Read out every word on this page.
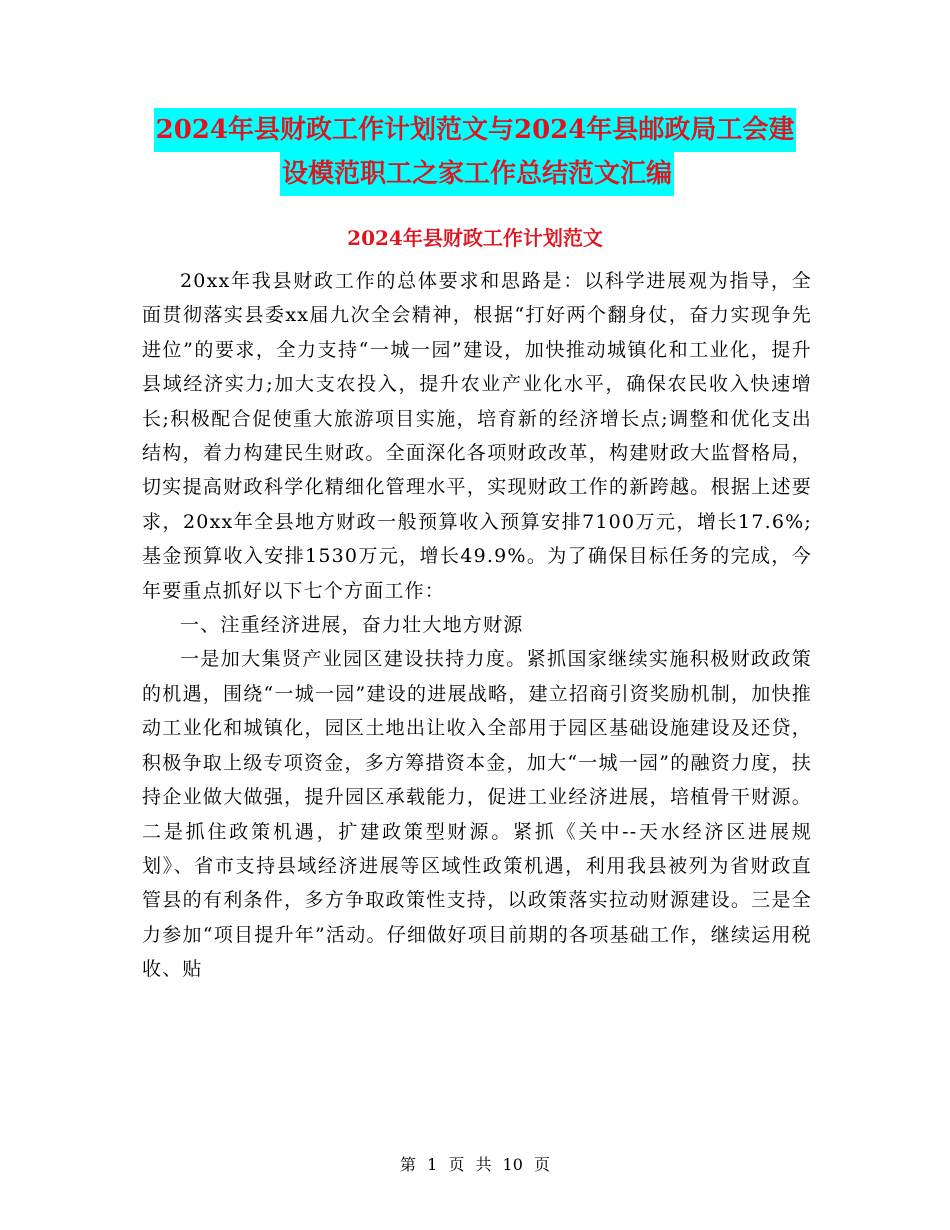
2024年县财政工作计划范文与2024年县邮政局工会建
设模范职工之家工作总结范文汇编
2024年县财政工作计划范文

20xx年我县财政工作的总体要求和思路是：以科学进展观为指导，全面贯彻落实县委xx届九次全会精神，根据“打好两个翻身仗，奋力实现争先进位”的要求，全力支持“一城一园”建设，加快推动城镇化和工业化，提升县域经济实力;加大支农投入，提升农业产业化水平，确保农民收入快速增长;积极配合促使重大旅游项目实施，培育新的经济增长点;调整和优化支出结构，着力构建民生财政。全面深化各项财政改革，构建财政大监督格局，切实提高财政科学化精细化管理水平，实现财政工作的新跨越。根据上述要求，20xx年全县地方财政一般预算收入预算安排7100万元，增长17.6%;基金预算收入安排1530万元，增长49.9%。为了确保目标任务的完成，今年要重点抓好以下七个方面工作：

一、注重经济进展，奋力壮大地方财源

一是加大集贤产业园区建设扶持力度。紧抓国家继续实施积极财政政策的机遇，围绕“一城一园”建设的进展战略，建立招商引资奖励机制，加快推动工业化和城镇化，园区土地出让收入全部用于园区基础设施建设及还贷，积极争取上级专项资金，多方筹措资本金，加大“一城一园”的融资力度，扶持企业做大做强，提升园区承载能力，促进工业经济进展，培植骨干财源。二是抓住政策机遇，扩建政策型财源。紧抓《关中--天水经济区进展规划》、省市支持县域经济进展等区域性政策机遇，利用我县被列为省财政直管县的有利条件，多方争取政策性支持，以政策落实拉动财源建设。三是全力参加“项目提升年”活动。仔细做好项目前期的各项基础工作，继续运用税收、贴

第 1 页 共 10 页
